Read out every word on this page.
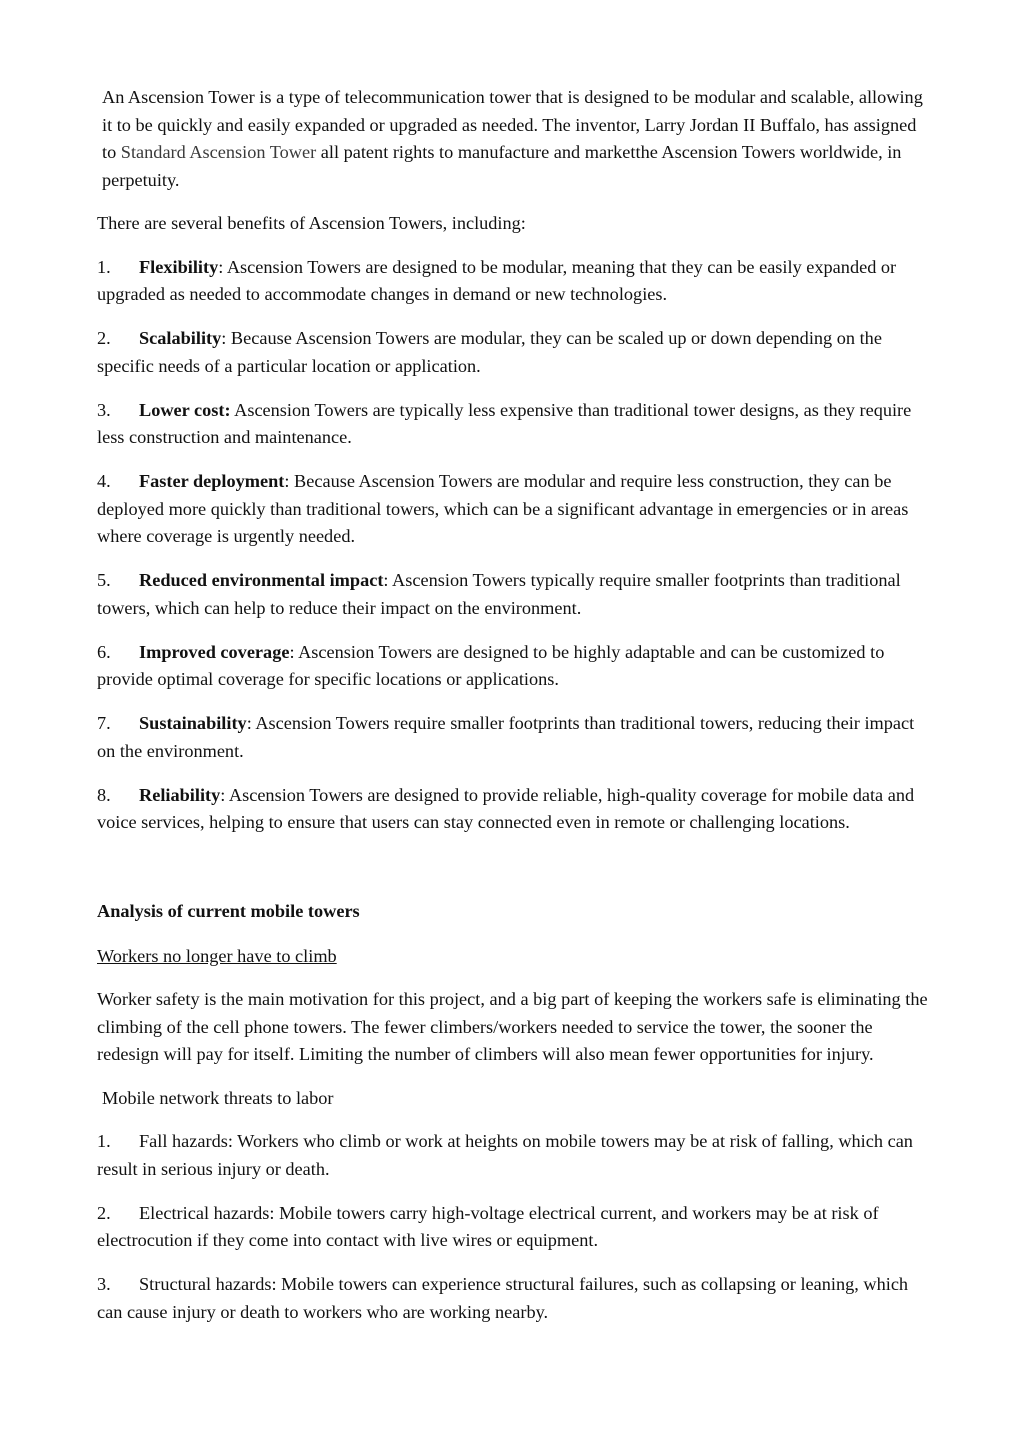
An Ascension Tower is a type of telecommunication tower that is designed to be modular and scalable, allowing it to be quickly and easily expanded or upgraded as needed. The inventor, Larry Jordan II Buffalo, has assigned to Standard Ascension Tower all patent rights to manufacture and marketthe Ascension Towers worldwide, in perpetuity.

There are several benefits of Ascension Towers, including:

1. Flexibility: Ascension Towers are designed to be modular, meaning that they can be easily expanded or upgraded as needed to accommodate changes in demand or new technologies.
2. Scalability: Because Ascension Towers are modular, they can be scaled up or down depending on the specific needs of a particular location or application.
3. Lower cost: Ascension Towers are typically less expensive than traditional tower designs, as they require less construction and maintenance.
4. Faster deployment: Because Ascension Towers are modular and require less construction, they can be deployed more quickly than traditional towers, which can be a significant advantage in emergencies or in areas where coverage is urgently needed.
5. Reduced environmental impact: Ascension Towers typically require smaller footprints than traditional towers, which can help to reduce their impact on the environment.
6. Improved coverage: Ascension Towers are designed to be highly adaptable and can be customized to provide optimal coverage for specific locations or applications.
7. Sustainability: Ascension Towers require smaller footprints than traditional towers, reducing their impact on the environment.
8. Reliability: Ascension Towers are designed to provide reliable, high-quality coverage for mobile data and voice services, helping to ensure that users can stay connected even in remote or challenging locations.

Analysis of current mobile towers

Workers no longer have to climb

Worker safety is the main motivation for this project, and a big part of keeping the workers safe is eliminating the climbing of the cell phone towers. The fewer climbers/workers needed to service the tower, the sooner the redesign will pay for itself. Limiting the number of climbers will also mean fewer opportunities for injury.

Mobile network threats to labor

1. Fall hazards: Workers who climb or work at heights on mobile towers may be at risk of falling, which can result in serious injury or death.
2. Electrical hazards: Mobile towers carry high-voltage electrical current, and workers may be at risk of electrocution if they come into contact with live wires or equipment.
3. Structural hazards: Mobile towers can experience structural failures, such as collapsing or leaning, which can cause injury or death to workers who are working nearby.
